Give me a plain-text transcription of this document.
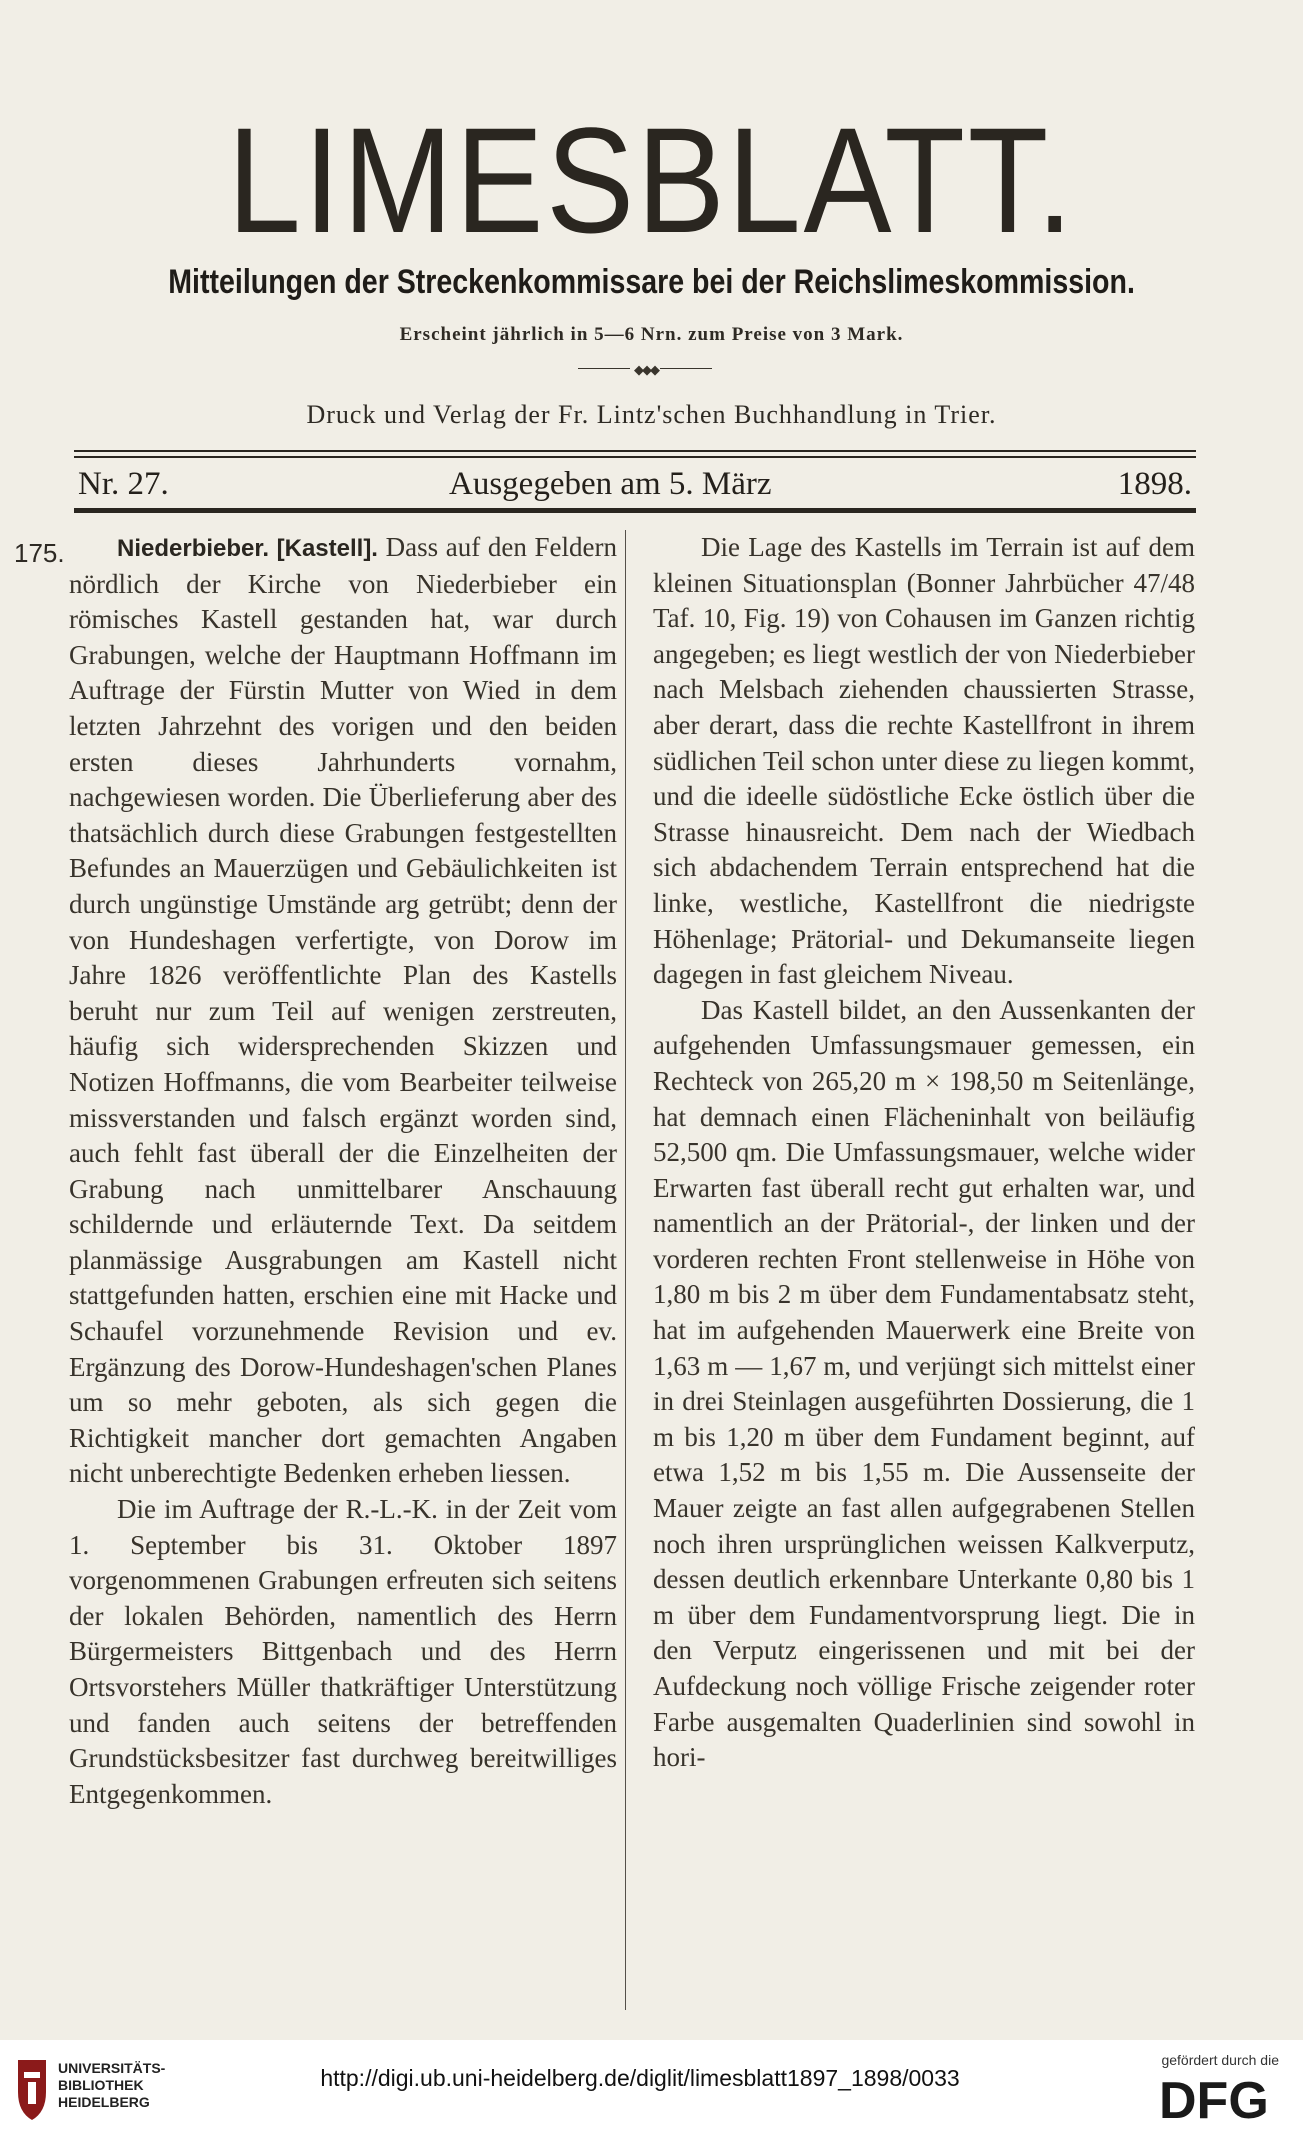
LIMESBLATT.
Mitteilungen der Streckenkommissare bei der Reichslimeskommission.
Erscheint jährlich in 5—6 Nrn. zum Preise von 3 Mark.
◆◆◆
Druck und Verlag der Fr. Lintz'schen Buchhandlung in Trier.
Nr. 27.	Ausgegeben am 5. März	1898.
175.	Niederbieber. [Kastell]. Dass auf den Feldern nördlich der Kirche von Niederbieber ein römisches Kastell gestanden hat, war durch Grabungen, welche der Hauptmann Hoffmann im Auftrage der Fürstin Mutter von Wied in dem letzten Jahrzehnt des vorigen und den beiden ersten dieses Jahrhunderts vornahm, nachgewiesen worden. Die Überlieferung aber des thatsächlich durch diese Grabungen festgestellten Befundes an Mauerzügen und Gebäulichkeiten ist durch ungünstige Umstände arg getrübt; denn der von Hundeshagen verfertigte, von Dorow im Jahre 1826 veröffentlichte Plan des Kastells beruht nur zum Teil auf wenigen zerstreuten, häufig sich widersprechenden Skizzen und Notizen Hoffmanns, die vom Bearbeiter teilweise missverstanden und falsch ergänzt worden sind, auch fehlt fast überall der die Einzelheiten der Grabung nach unmittelbarer Anschauung schildernde und erläuternde Text. Da seitdem planmässige Ausgrabungen am Kastell nicht stattgefunden hatten, erschien eine mit Hacke und Schaufel vorzunehmende Revision und ev. Ergänzung des Dorow-Hundeshagen'schen Planes um so mehr geboten, als sich gegen die Richtigkeit mancher dort gemachten Angaben nicht unberechtigte Bedenken erheben liessen.

Die im Auftrage der R.-L.-K. in der Zeit vom 1. September bis 31. Oktober 1897 vorgenommenen Grabungen erfreuten sich seitens der lokalen Behörden, namentlich des Herrn Bürgermeisters Bittgenbach und des Herrn Ortsvorstehers Müller thatkräftiger Unterstützung und fanden auch seitens der betreffenden Grundstücksbesitzer fast durchweg bereitwilliges Entgegenkommen.

Die Lage des Kastells im Terrain ist auf dem kleinen Situationsplan (Bonner Jahrbücher 47/48 Taf. 10, Fig. 19) von Cohausen im Ganzen richtig angegeben; es liegt westlich der von Niederbieber nach Melsbach ziehenden chaussierten Strasse, aber derart, dass die rechte Kastellfront in ihrem südlichen Teil schon unter diese zu liegen kommt, und die ideelle südöstliche Ecke östlich über die Strasse hinausreicht. Dem nach der Wiedbach sich abdachendem Terrain entsprechend hat die linke, westliche, Kastellfront die niedrigste Höhenlage; Prätorial- und Dekumanseite liegen dagegen in fast gleichem Niveau.

Das Kastell bildet, an den Aussenkanten der aufgehenden Umfassungsmauer gemessen, ein Rechteck von 265,20 m × 198,50 m Seitenlänge, hat demnach einen Flächeninhalt von beiläufig 52,500 qm. Die Umfassungsmauer, welche wider Erwarten fast überall recht gut erhalten war, und namentlich an der Prätorial-, der linken und der vorderen rechten Front stellenweise in Höhe von 1,80 m bis 2 m über dem Fundamentabsatz steht, hat im aufgehenden Mauerwerk eine Breite von 1,63 m — 1,67 m, und verjüngt sich mittelst einer in drei Steinlagen ausgeführten Dossierung, die 1 m bis 1,20 m über dem Fundament beginnt, auf etwa 1,52 m bis 1,55 m. Die Aussenseite der Mauer zeigte an fast allen aufgegrabenen Stellen noch ihren ursprünglichen weissen Kalkverputz, dessen deutlich erkennbare Unterkante 0,80 bis 1 m über dem Fundamentvorsprung liegt. Die in den Verputz eingerissenen und mit bei der Aufdeckung noch völlige Frische zeigender roter Farbe ausgemalten Quaderlinien sind sowohl in hori-

UNIVERSITÄTS-
BIBLIOTHEK
HEIDELBERG
http://digi.ub.uni-heidelberg.de/diglit/limesblatt1897_1898/0033
gefördert durch die
DFG
